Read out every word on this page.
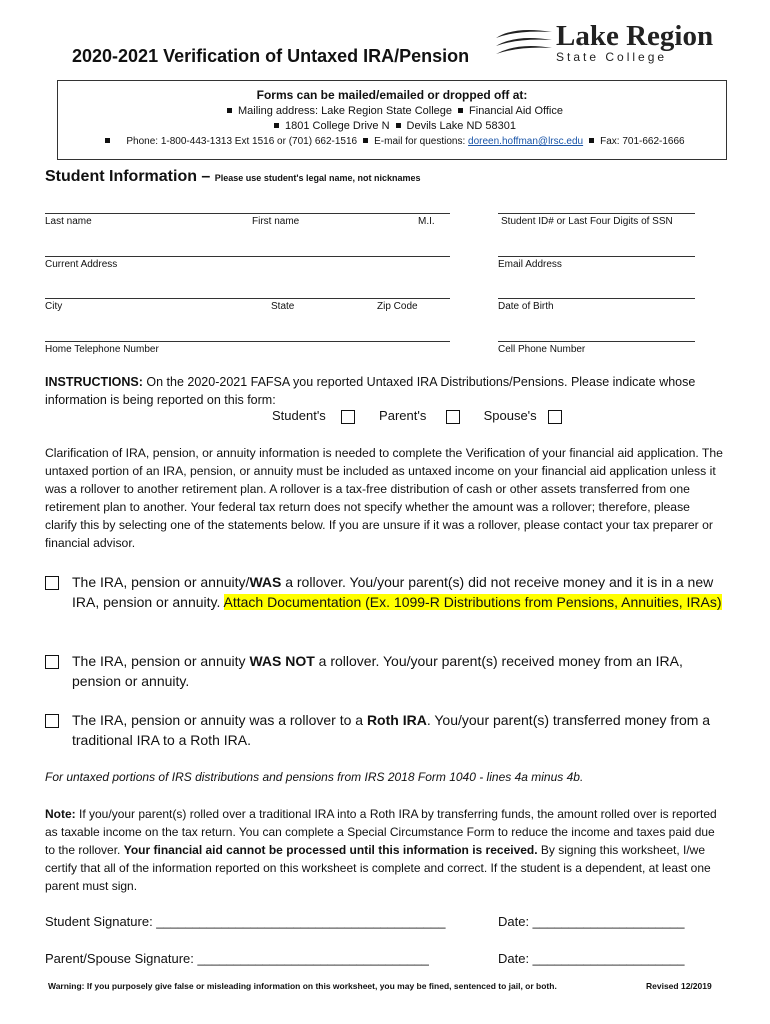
2020-2021 Verification of Untaxed IRA/Pension
Lake Region
State College
Forms can be mailed/emailed or dropped off at:
Mailing address: Lake Region State College Financial Aid Office
1801 College Drive N Devils Lake ND 58301
Phone: 1-800-443-1313 Ext 1516 or (701) 662-1516 E-mail for questions: doreen.hoffman@lrsc.edu Fax: 701-662-1666
Student Information – Please use student's legal name, not nicknames
Last name	First name	M.I.	Student ID# or Last Four Digits of SSN
Current Address	Email Address
City	State	Zip Code	Date of Birth
Home Telephone Number	Cell Phone Number
INSTRUCTIONS: On the 2020-2021 FAFSA you reported Untaxed IRA Distributions/Pensions. Please indicate whose information is being reported on this form:
Student's	Parent's	Spouse's
Clarification of IRA, pension, or annuity information is needed to complete the Verification of your financial aid application. The untaxed portion of an IRA, pension, or annuity must be included as untaxed income on your financial aid application unless it was a rollover to another retirement plan. A rollover is a tax-free distribution of cash or other assets transferred from one retirement plan to another. Your federal tax return does not specify whether the amount was a rollover; therefore, please clarify this by selecting one of the statements below. If you are unsure if it was a rollover, please contact your tax preparer or financial advisor.
The IRA, pension or annuity/WAS a rollover. You/your parent(s) did not receive money and it is in a new IRA, pension or annuity. Attach Documentation (Ex. 1099-R Distributions from Pensions, Annuities, IRAs)
The IRA, pension or annuity WAS NOT a rollover. You/your parent(s) received money from an IRA, pension or annuity.
The IRA, pension or annuity was a rollover to a Roth IRA. You/your parent(s) transferred money from a traditional IRA to a Roth IRA.
For untaxed portions of IRS distributions and pensions from IRS 2018 Form 1040 - lines 4a minus 4b.
Note: If you/your parent(s) rolled over a traditional IRA into a Roth IRA by transferring funds, the amount rolled over is reported as taxable income on the tax return. You can complete a Special Circumstance Form to reduce the income and taxes paid due to the rollover. Your financial aid cannot be processed until this information is received. By signing this worksheet, I/we certify that all of the information reported on this worksheet is complete and correct. If the student is a dependent, at least one parent must sign.
Student Signature: ________________________________________	Date: _____________________
Parent/Spouse Signature: ________________________________	Date: _____________________
Warning: If you purposely give false or misleading information on this worksheet, you may be fined, sentenced to jail, or both.	Revised 12/2019
